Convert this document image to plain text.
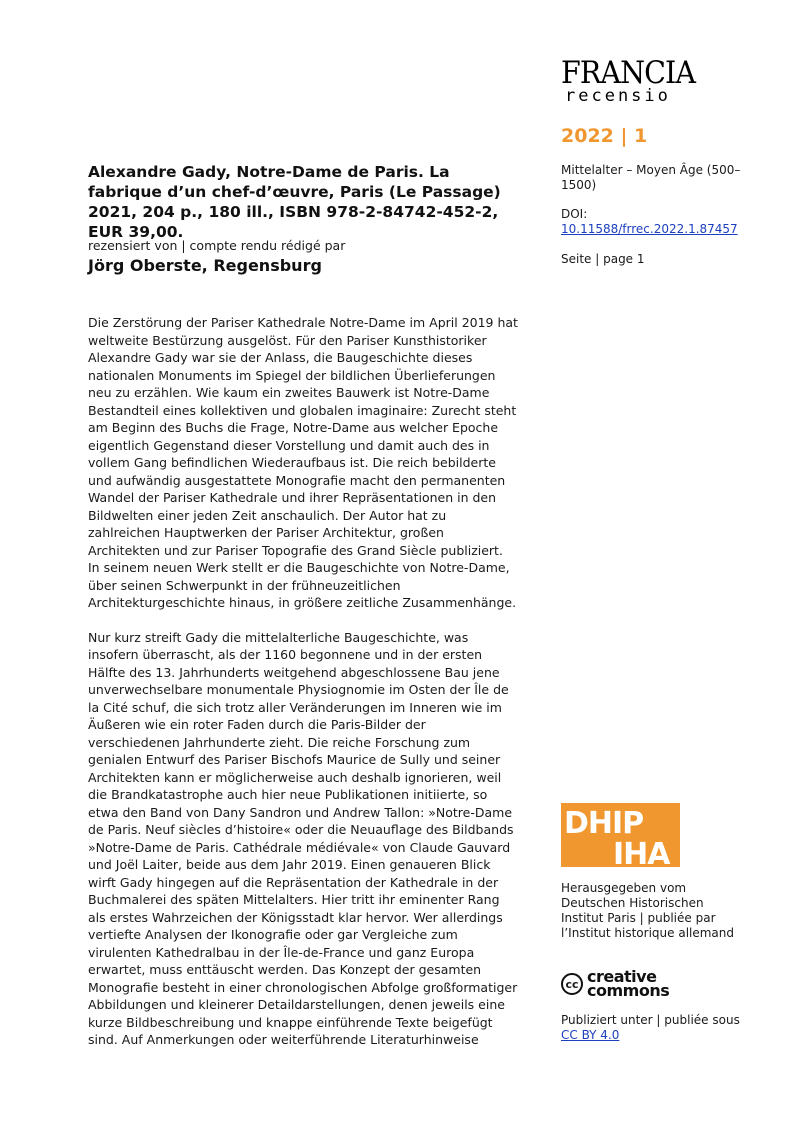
FRANCIA
recensio
2022 | 1
Mittelalter – Moyen Âge (500–1500)
DOI:
10.11588/frrec.2022.1.87457
Seite | page 1
Alexandre Gady, Notre-Dame de Paris. La fabrique d’un chef-d’œuvre, Paris (Le Passage) 2021, 204 p., 180 ill., ISBN 978-2-84742-452-2, EUR 39,00.
rezensiert von | compte rendu rédigé par
Jörg Oberste, Regensburg

Die Zerstörung der Pariser Kathedrale Notre-Dame im April 2019 hat weltweite Bestürzung ausgelöst. Für den Pariser Kunsthistoriker Alexandre Gady war sie der Anlass, die Baugeschichte dieses nationalen Monuments im Spiegel der bildlichen Überlieferungen neu zu erzählen. Wie kaum ein zweites Bauwerk ist Notre-Dame Bestandteil eines kollektiven und globalen imaginaire: Zurecht steht am Beginn des Buchs die Frage, Notre-Dame aus welcher Epoche eigentlich Gegenstand dieser Vorstellung und damit auch des in vollem Gang befindlichen Wiederaufbaus ist. Die reich bebilderte und aufwändig ausgestattete Monografie macht den permanenten Wandel der Pariser Kathedrale und ihrer Repräsentationen in den Bildwelten einer jeden Zeit anschaulich. Der Autor hat zu zahlreichen Hauptwerken der Pariser Architektur, großen Architekten und zur Pariser Topografie des Grand Siècle publiziert. In seinem neuen Werk stellt er die Baugeschichte von Notre-Dame, über seinen Schwerpunkt in der frühneuzeitlichen Architekturgeschichte hinaus, in größere zeitliche Zusammenhänge.

Nur kurz streift Gady die mittelalterliche Baugeschichte, was insofern überrascht, als der 1160 begonnene und in der ersten Hälfte des 13. Jahrhunderts weitgehend abgeschlossene Bau jene unverwechselbare monumentale Physiognomie im Osten der Île de la Cité schuf, die sich trotz aller Veränderungen im Inneren wie im Äußeren wie ein roter Faden durch die Paris-Bilder der verschiedenen Jahrhunderte zieht. Die reiche Forschung zum genialen Entwurf des Pariser Bischofs Maurice de Sully und seiner Architekten kann er möglicherweise auch deshalb ignorieren, weil die Brandkatastrophe auch hier neue Publikationen initiierte, so etwa den Band von Dany Sandron und Andrew Tallon: »Notre-Dame de Paris. Neuf siècles d’histoire« oder die Neuauflage des Bildbands »Notre-Dame de Paris. Cathédrale médiévale« von Claude Gauvard und Joël Laiter, beide aus dem Jahr 2019. Einen genaueren Blick wirft Gady hingegen auf die Repräsentation der Kathedrale in der Buchmalerei des späten Mittelalters. Hier tritt ihr eminenter Rang als erstes Wahrzeichen der Königsstadt klar hervor. Wer allerdings vertiefte Analysen der Ikonografie oder gar Vergleiche zum virulenten Kathedralbau in der Île-de-France und ganz Europa erwartet, muss enttäuscht werden. Das Konzept der gesamten Monografie besteht in einer chronologischen Abfolge großformatiger Abbildungen und kleinerer Detaildarstellungen, denen jeweils eine kurze Bildbeschreibung und knappe einführende Texte beigefügt sind. Auf Anmerkungen oder weiterführende Literaturhinweise

DHIP
IHA
Herausgegeben vom Deutschen Historischen Institut Paris | publiée par l’Institut historique allemand
cc creative
commons
Publiziert unter | publiée sous
CC BY 4.0
